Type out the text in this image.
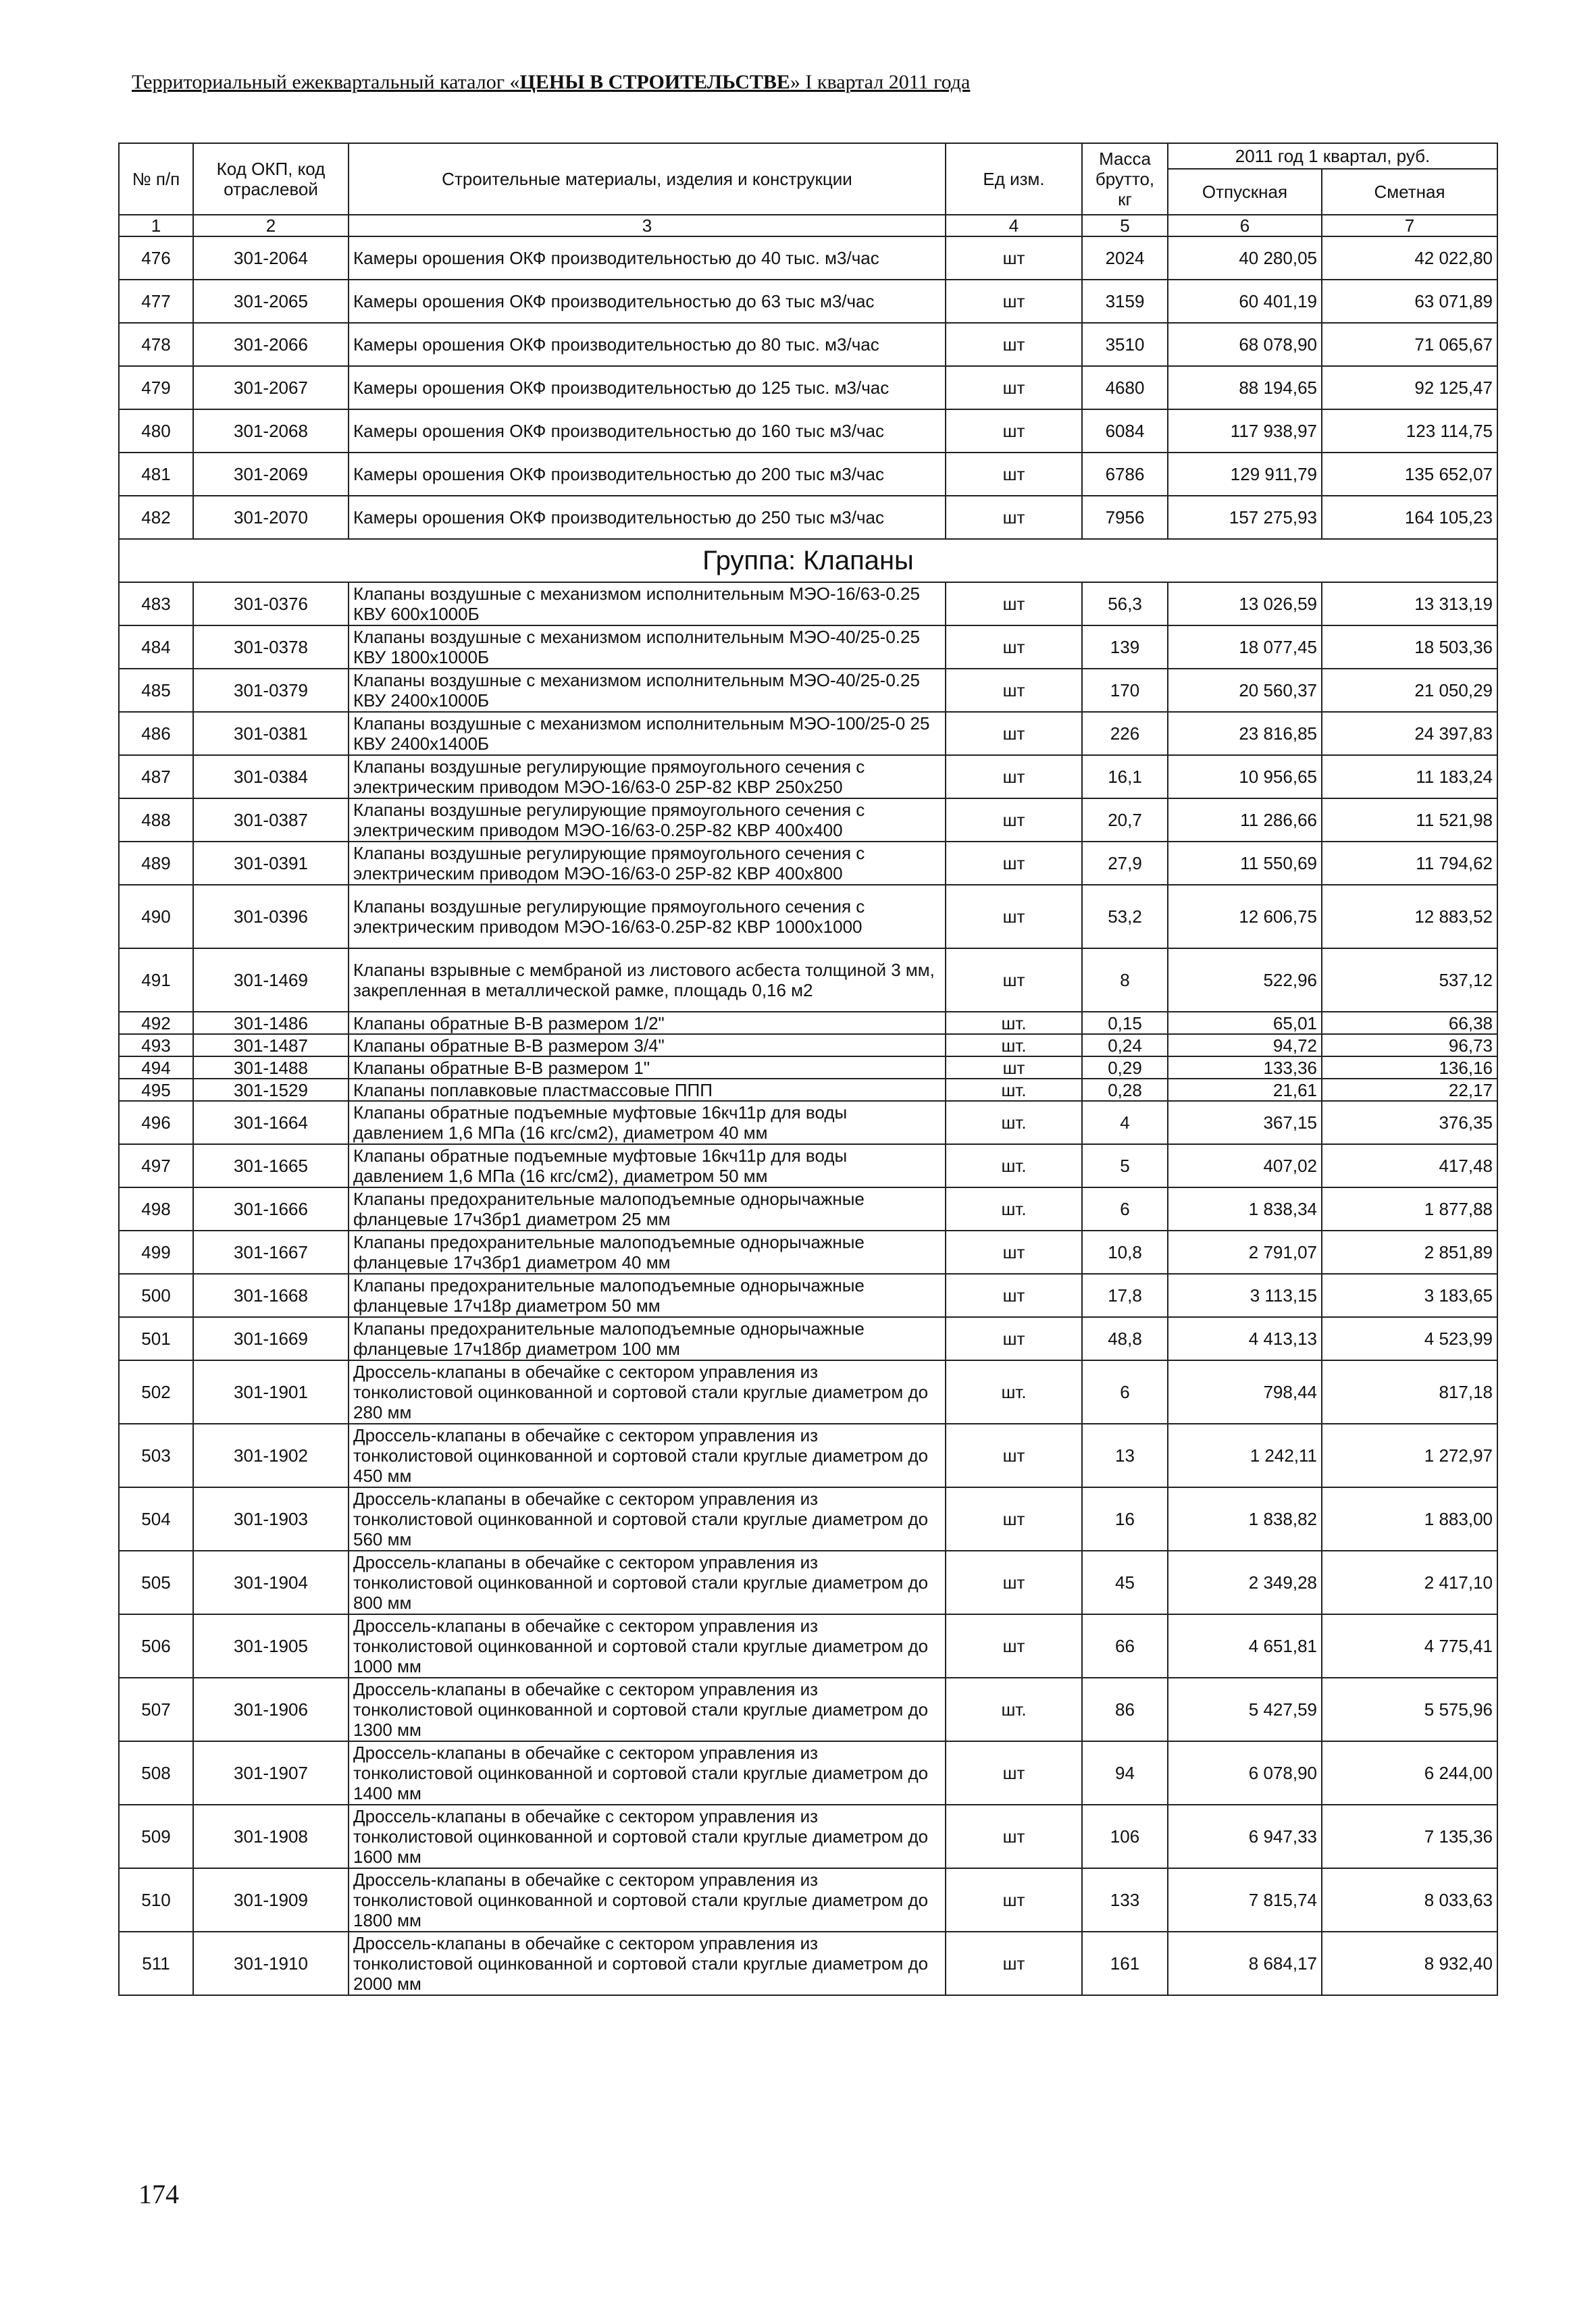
Территориальный ежеквартальный каталог «ЦЕНЫ В СТРОИТЕЛЬСТВЕ» I квартал 2011 года
№ п/п	Код ОКП, код отраслевой	Строительные материалы, изделия и конструкции	Ед изм.	Масса брутто, кг	2011 год 1 квартал, руб.	
					Отпускная	Сметная
1	2	3	4	5	6	7
476	301-2064	Камеры орошения ОКФ производительностью до 40 тыс. м3/час	шт	2024	40 280,05	42 022,80
477	301-2065	Камеры орошения ОКФ производительностью до 63 тыс м3/час	шт	3159	60 401,19	63 071,89
478	301-2066	Камеры орошения ОКФ производительностью до 80 тыс. м3/час	шт	3510	68 078,90	71 065,67
479	301-2067	Камеры орошения ОКФ производительностью до 125 тыс. м3/час	шт	4680	88 194,65	92 125,47
480	301-2068	Камеры орошения ОКФ производительностью до 160 тыс м3/час	шт	6084	117 938,97	123 114,75
481	301-2069	Камеры орошения ОКФ производительностью до 200 тыс м3/час	шт	6786	129 911,79	135 652,07
482	301-2070	Камеры орошения ОКФ производительностью до 250 тыс м3/час	шт	7956	157 275,93	164 105,23
Группа: Клапаны						
483	301-0376	Клапаны воздушные с механизмом исполнительным МЭО-16/63-0.25 КВУ 600х1000Б	шт	56,3	13 026,59	13 313,19
484	301-0378	Клапаны воздушные с механизмом исполнительным МЭО-40/25-0.25 КВУ 1800х1000Б	шт	139	18 077,45	18 503,36
485	301-0379	Клапаны воздушные с механизмом исполнительным МЭО-40/25-0.25 КВУ 2400х1000Б	шт	170	20 560,37	21 050,29
486	301-0381	Клапаны воздушные с механизмом исполнительным МЭО-100/25-0 25 КВУ 2400х1400Б	шт	226	23 816,85	24 397,83
487	301-0384	Клапаны воздушные регулирующие прямоугольного сечения с электрическим приводом МЭО-16/63-0 25Р-82 КВР 250х250	шт	16,1	10 956,65	11 183,24
488	301-0387	Клапаны воздушные регулирующие прямоугольного сечения с электрическим приводом МЭО-16/63-0.25Р-82 КВР 400х400	шт	20,7	11 286,66	11 521,98
489	301-0391	Клапаны воздушные регулирующие прямоугольного сечения с электрическим приводом МЭО-16/63-0 25Р-82 КВР 400х800	шт	27,9	11 550,69	11 794,62
490	301-0396	Клапаны воздушные регулирующие прямоугольного сечения с электрическим приводом МЭО-16/63-0.25Р-82 КВР 1000х1000	шт	53,2	12 606,75	12 883,52
491	301-1469	Клапаны взрывные с мембраной из листового асбеста толщиной 3 мм, закрепленная в металлической рамке, площадь 0,16 м2	шт	8	522,96	537,12
492	301-1486	Клапаны обратные В-В размером 1/2"	шт.	0,15	65,01	66,38
493	301-1487	Клапаны обратные В-В размером 3/4"	шт.	0,24	94,72	96,73
494	301-1488	Клапаны обратные В-В размером 1"	шт	0,29	133,36	136,16
495	301-1529	Клапаны поплавковые пластмассовые ППП	шт.	0,28	21,61	22,17
496	301-1664	Клапаны обратные подъемные муфтовые 16кч11р для воды давлением 1,6 МПа (16 кгс/см2), диаметром 40 мм	шт.	4	367,15	376,35
497	301-1665	Клапаны обратные подъемные муфтовые 16кч11р для воды давлением 1,6 МПа (16 кгс/см2), диаметром 50 мм	шт.	5	407,02	417,48
498	301-1666	Клапаны предохранительные малоподъемные однорычажные фланцевые 17ч3бр1 диаметром 25 мм	шт.	6	1 838,34	1 877,88
499	301-1667	Клапаны предохранительные малоподъемные однорычажные фланцевые 17ч3бр1 диаметром 40 мм	шт	10,8	2 791,07	2 851,89
500	301-1668	Клапаны предохранительные малоподъемные однорычажные фланцевые 17ч18р диаметром 50 мм	шт	17,8	3 113,15	3 183,65
501	301-1669	Клапаны предохранительные малоподъемные однорычажные фланцевые 17ч18бр диаметром 100 мм	шт	48,8	4 413,13	4 523,99
502	301-1901	Дроссель-клапаны в обечайке с сектором управления из тонколистовой оцинкованной и сортовой стали круглые диаметром до 280 мм	шт.	6	798,44	817,18
503	301-1902	Дроссель-клапаны в обечайке с сектором управления из тонколистовой оцинкованной и сортовой стали круглые диаметром до 450 мм	шт	13	1 242,11	1 272,97
504	301-1903	Дроссель-клапаны в обечайке с сектором управления из тонколистовой оцинкованной и сортовой стали круглые диаметром до 560 мм	шт	16	1 838,82	1 883,00
505	301-1904	Дроссель-клапаны в обечайке с сектором управления из тонколистовой оцинкованной и сортовой стали круглые диаметром до 800 мм	шт	45	2 349,28	2 417,10
506	301-1905	Дроссель-клапаны в обечайке с сектором управления из тонколистовой оцинкованной и сортовой стали круглые диаметром до 1000 мм	шт	66	4 651,81	4 775,41
507	301-1906	Дроссель-клапаны в обечайке с сектором управления из тонколистовой оцинкованной и сортовой стали круглые диаметром до 1300 мм	шт.	86	5 427,59	5 575,96
508	301-1907	Дроссель-клапаны в обечайке с сектором управления из тонколистовой оцинкованной и сортовой стали круглые диаметром до 1400 мм	шт	94	6 078,90	6 244,00
509	301-1908	Дроссель-клапаны в обечайке с сектором управления из тонколистовой оцинкованной и сортовой стали круглые диаметром до 1600 мм	шт	106	6 947,33	7 135,36
510	301-1909	Дроссель-клапаны в обечайке с сектором управления из тонколистовой оцинкованной и сортовой стали круглые диаметром до 1800 мм	шт	133	7 815,74	8 033,63
511	301-1910	Дроссель-клапаны в обечайке с сектором управления из тонколистовой оцинкованной и сортовой стали круглые диаметром до 2000 мм	шт	161	8 684,17	8 932,40
174
